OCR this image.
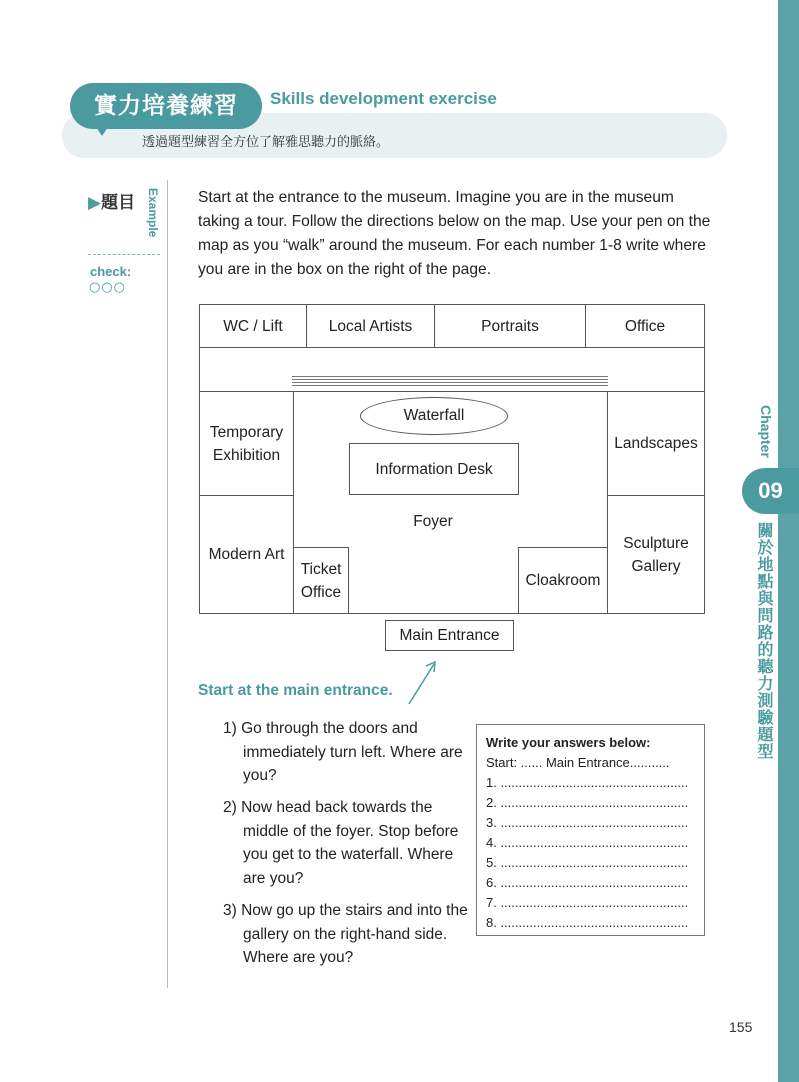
Chapter
09
關於地點與問路的聽力測驗題型
實力培養練習	Skills development exercise
透過題型練習全方位了解雅思聽力的脈絡。
▶題目 Example
check:
○○○
Start at the entrance to the museum. Imagine you are in the museum taking a tour. Follow the directions below on the map. Use your pen on the map as you “walk” around the museum. For each number 1-8 write where you are in the box on the right of the page.
WC / Lift	Local Artists	Portraits	Office
Temporary Exhibition
Modern Art
Landscapes
Sculpture Gallery
Waterfall
Information Desk
Foyer
Ticket Office
Cloakroom
Main Entrance
Start at the main entrance.
1) Go through the doors and immediately turn left. Where are you?
2) Now head back towards the middle of the foyer. Stop before you get to the waterfall. Where are you?
3) Now go up the stairs and into the gallery on the right-hand side. Where are you?
Write your answers below:
Start: ...... Main Entrance...........
1. ....................................................
2. ....................................................
3. ....................................................
4. ....................................................
5. ....................................................
6. ....................................................
7. ....................................................
8. ....................................................
155
